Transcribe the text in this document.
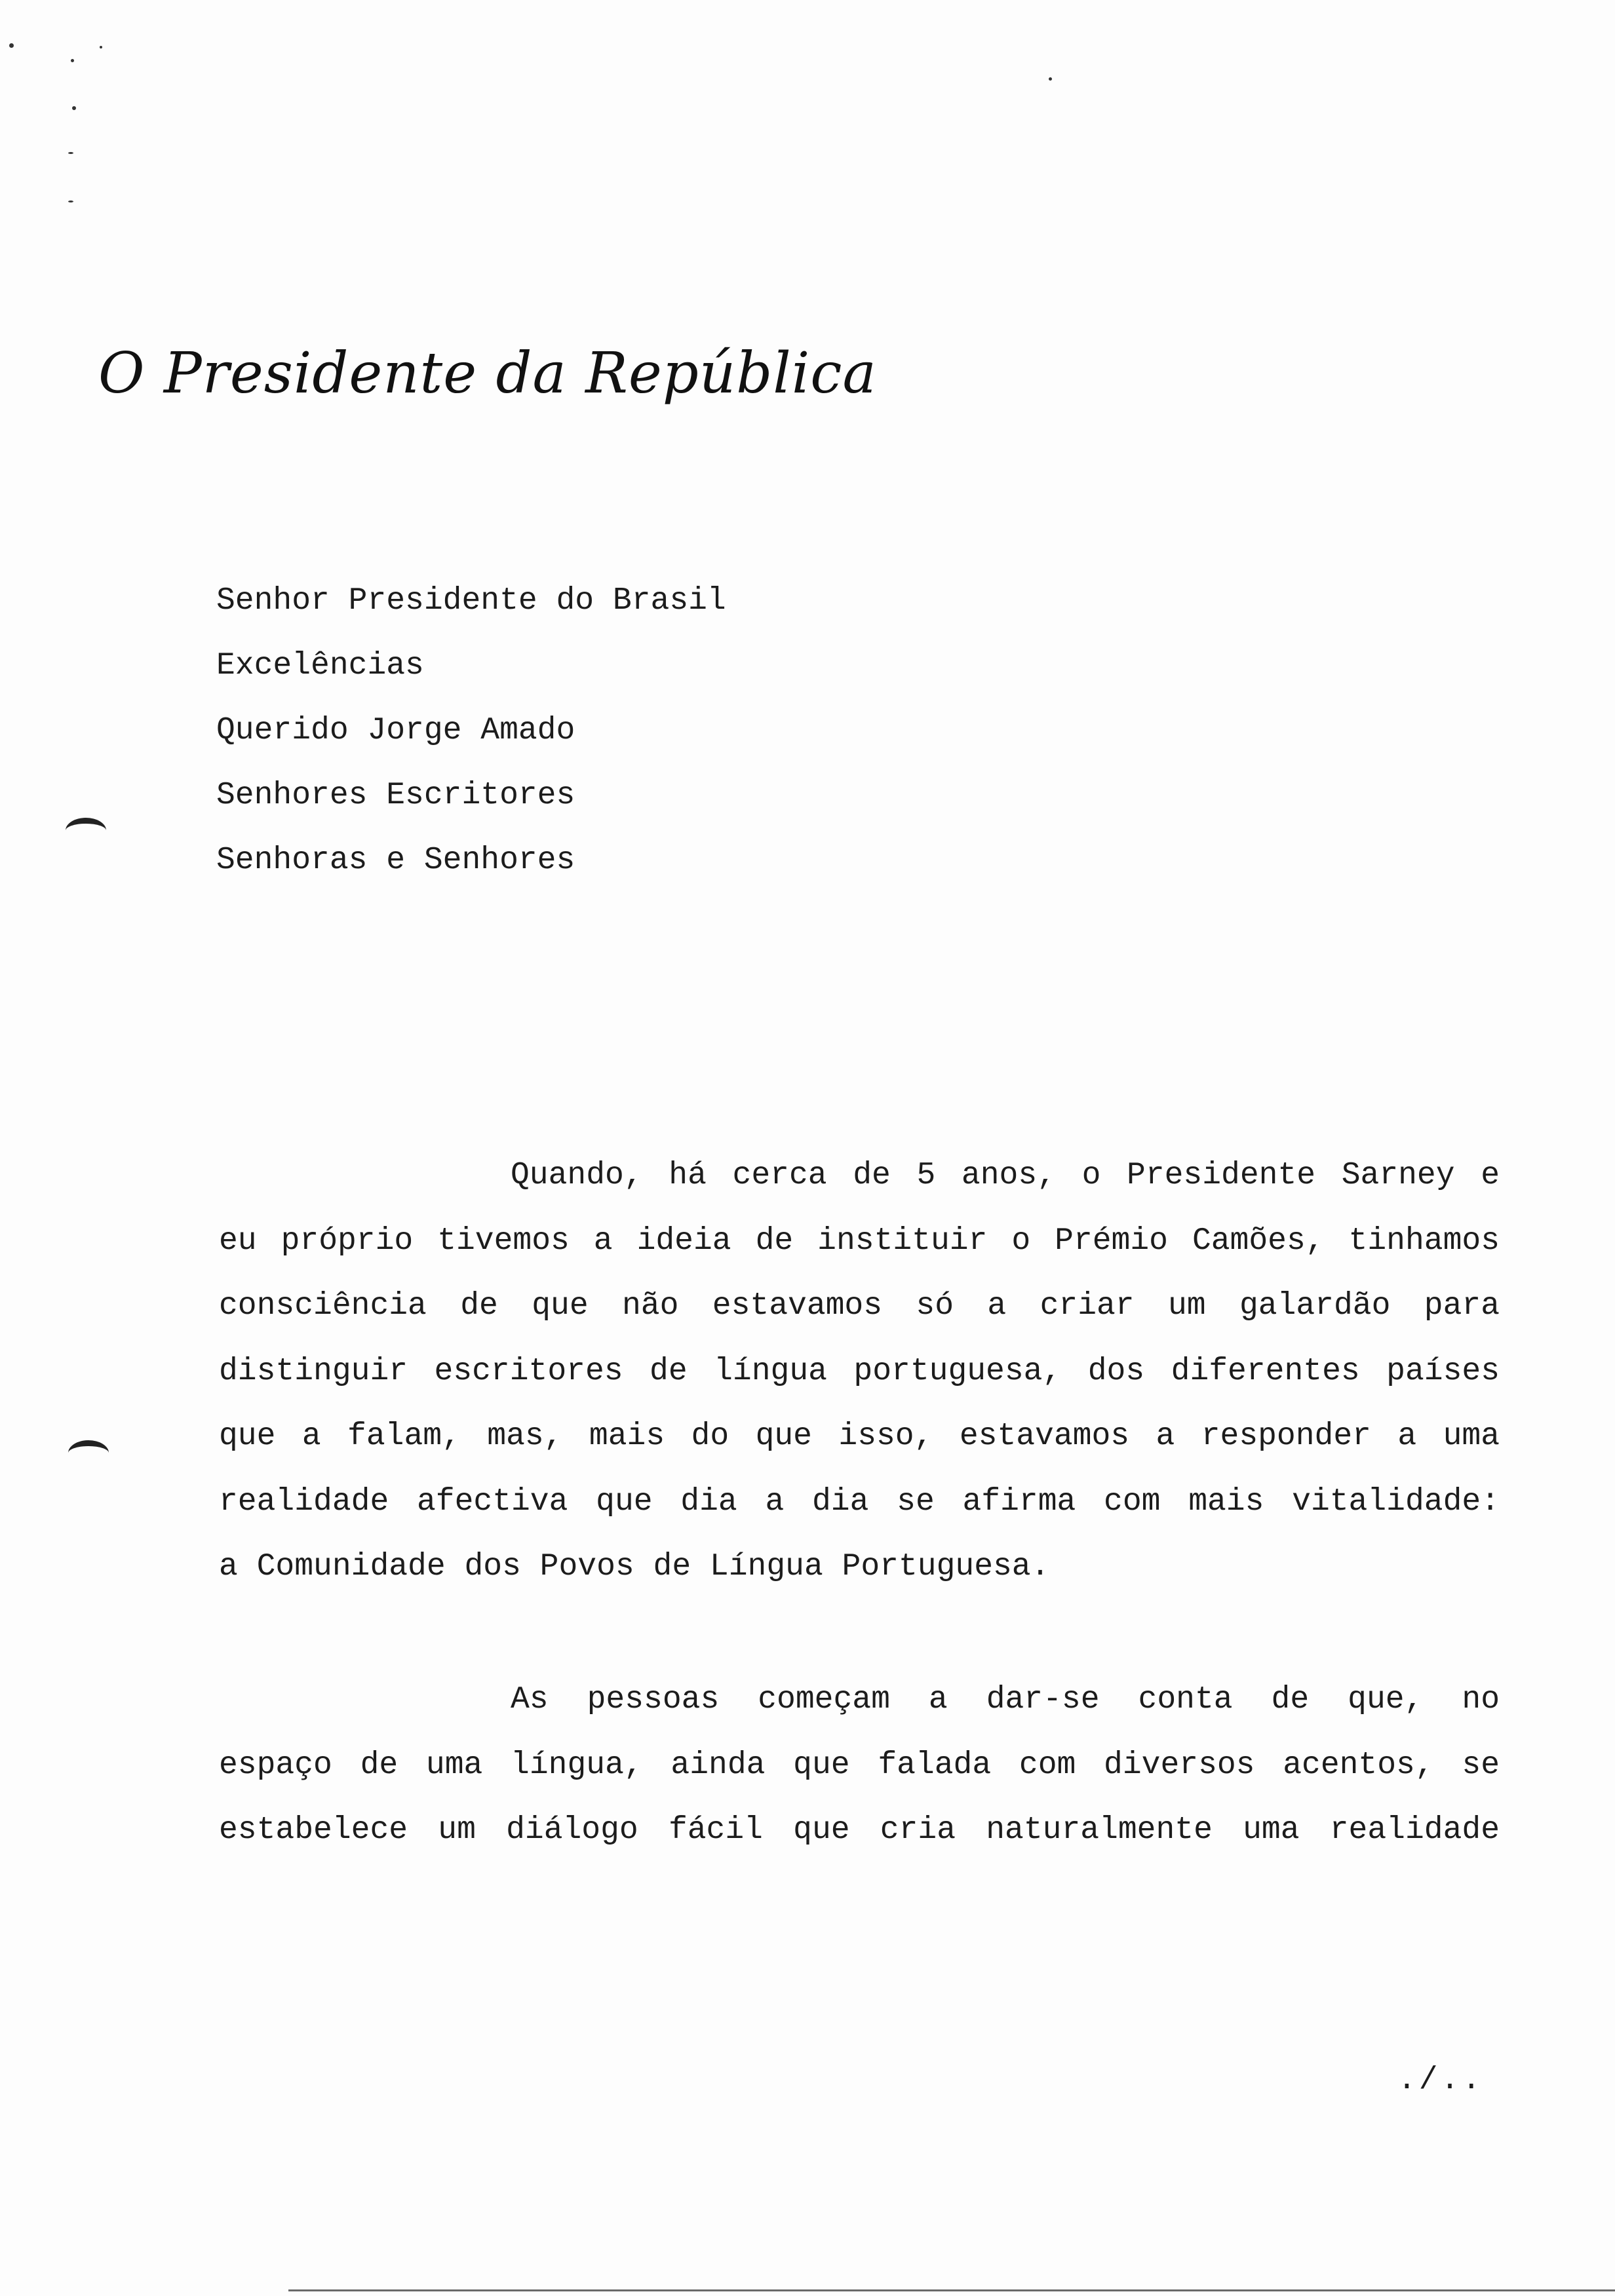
O Presidente da República
Senhor Presidente do Brasil
Excelências
Querido Jorge Amado
Senhores Escritores
Senhoras e Senhores
Quando, há cerca de 5 anos, o Presidente Sarney e
eu próprio tivemos a ideia de instituir o Prémio Camões, tinhamos
consciência de que não estavamos só a criar um galardão para
distinguir escritores de língua portuguesa, dos diferentes países
que a falam, mas, mais do que isso, estavamos a responder a uma
realidade afectiva que dia a dia se afirma com mais vitalidade:
a Comunidade dos Povos de Língua Portuguesa.
As pessoas começam a dar-se conta de que, no
espaço de uma língua, ainda que falada com diversos acentos, se
estabelece um diálogo fácil que cria naturalmente uma realidade
./..
